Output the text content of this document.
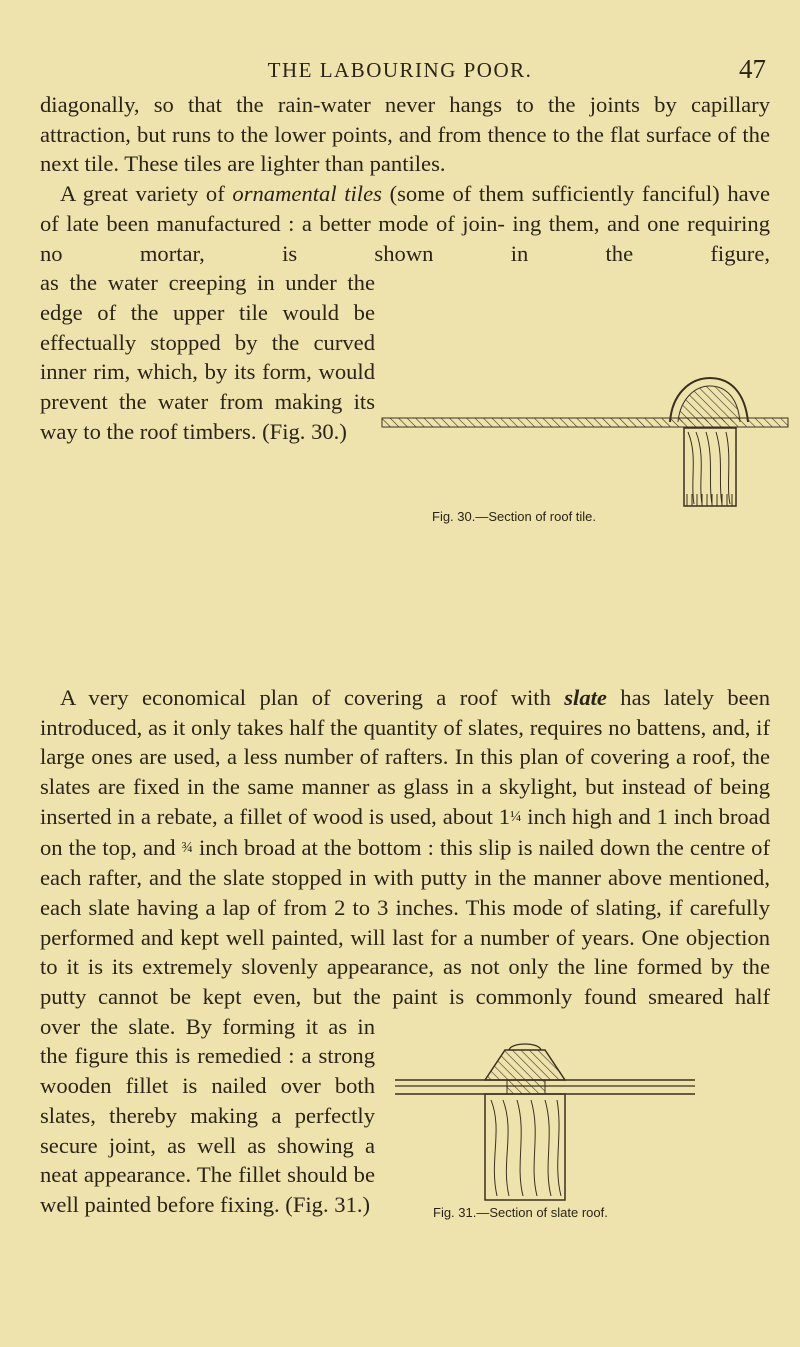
THE LABOURING POOR.	47

diagonally, so that the rain-water never hangs to the joints by capillary attraction, but runs to the lower points, and from thence to the flat surface of the next tile. These tiles are lighter than pantiles.

A great variety of ornamental tiles (some of them sufficiently fanciful) have of late been manufactured : a better mode of join- ing them, and one requiring no mortar, is shown in the figure,

as the water creeping in under the edge of the upper tile would be effectually stopped by the curved inner rim, which, by its form, would prevent the water from making its way to the roof timbers. (Fig. 30.)

A very economical plan of covering a roof with slate has lately been introduced, as it only takes half the quantity of slates, requires no battens, and, if large ones are used, a less number of rafters. In this plan of covering a roof, the slates are fixed in the same manner as glass in a skylight, but instead of being inserted in a rebate, a fillet of wood is used, about 1¼ inch high and 1 inch broad on the top, and ¾ inch broad at the bottom : this slip is nailed down the centre of each rafter, and the slate stopped in with putty in the manner above mentioned, each slate having a lap of from 2 to 3 inches. This mode of slating, if carefully performed and kept well painted, will last for a number of years. One objection to it is its extremely slovenly appearance, as not only the line formed by the putty cannot be kept even, but the paint is commonly found smeared half

over the slate. By forming it as in the figure this is remedied : a strong wooden fillet is nailed over both slates, thereby making a perfectly secure joint, as well as showing a neat appearance. The fillet should be well painted before fixing. (Fig. 31.)

Fig. 30.—Section of roof tile.
Fig. 31.—Section of slate roof.
